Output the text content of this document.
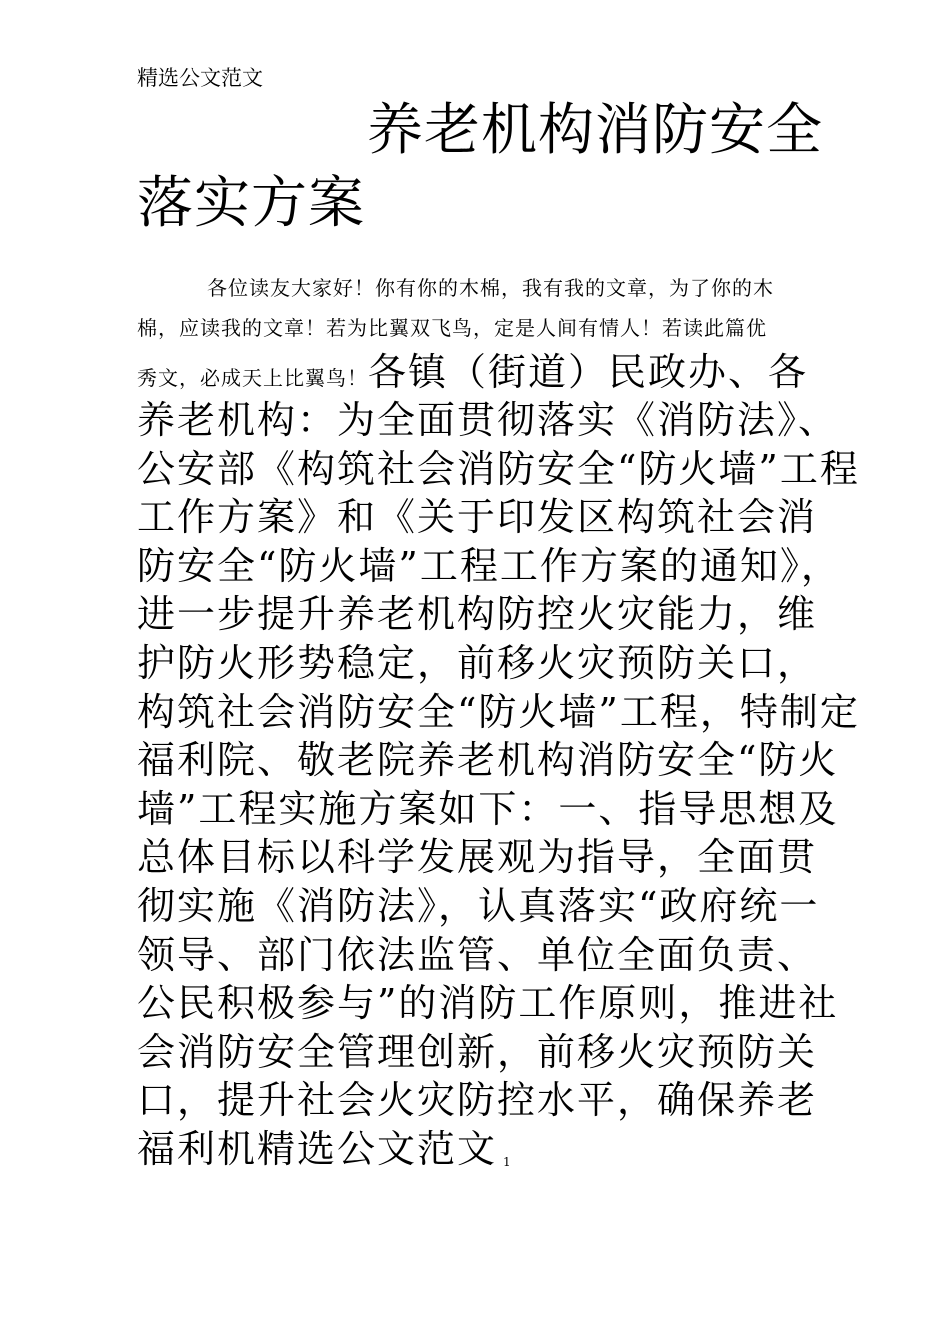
精选公文范文
养老机构消防安全
落实方案
各位读友大家好！你有你的木棉，我有我的文章，为了你的木
棉，应读我的文章！若为比翼双飞鸟，定是人间有情人！若读此篇优
秀文，必成天上比翼鸟！各镇（街道）民政办、各
养老机构：为全面贯彻落实《消防法》、
公安部《构筑社会消防安全“防火墙”工程
工作方案》和《关于印发区构筑社会消
防安全“防火墙”工程工作方案的通知》，
进一步提升养老机构防控火灾能力，维
护防火形势稳定，前移火灾预防关口，
构筑社会消防安全“防火墙”工程，特制定
福利院、敬老院养老机构消防安全“防火
墙”工程实施方案如下：一、指导思想及
总体目标以科学发展观为指导，全面贯
彻实施《消防法》，认真落实“政府统一
领导、部门依法监管、单位全面负责、
公民积极参与”的消防工作原则，推进社
会消防安全管理创新，前移火灾预防关
口，提升社会火灾防控水平，确保养老
福利机精选公文范文 1
